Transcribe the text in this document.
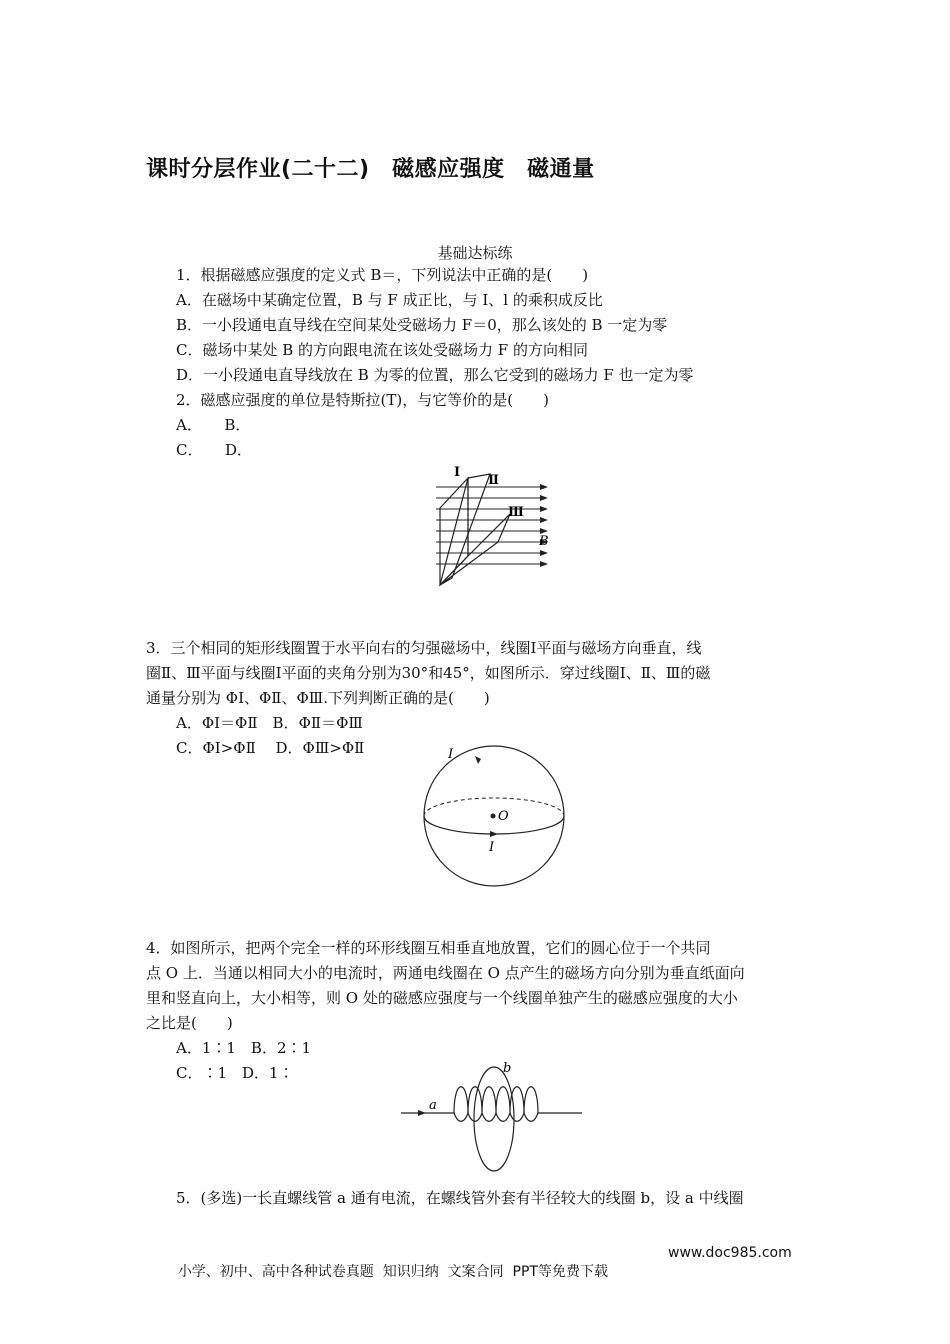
课时分层作业(二十二)　磁感应强度　磁通量
基础达标练
1．根据磁感应强度的定义式 B＝，下列说法中正确的是(　　)
A．在磁场中某确定位置，B 与 F 成正比，与 I、l 的乘积成反比
B．一小段通电直导线在空间某处受磁场力 F＝0，那么该处的 B 一定为零
C．磁场中某处 B 的方向跟电流在该处受磁场力 F 的方向相同
D．一小段通电直导线放在 B 为零的位置，那么它受到的磁场力 F 也一定为零
2．磁感应强度的单位是特斯拉(T)，与它等价的是(　　)
A．　　B．
C．　　D．
Ⅰ
Ⅱ
Ⅲ
B
3．三个相同的矩形线圈置于水平向右的匀强磁场中，线圈Ⅰ平面与磁场方向垂直，线
圈Ⅱ、Ⅲ平面与线圈Ⅰ平面的夹角分别为30°和45°，如图所示．穿过线圈Ⅰ、Ⅱ、Ⅲ的磁
通量分别为 ΦⅠ、ΦⅡ、ΦⅢ.下列判断正确的是(　　)
A．ΦⅠ＝ΦⅡ　B．ΦⅡ＝ΦⅢ
C．ΦⅠ>ΦⅡ　 D．ΦⅢ>ΦⅡ	I
I
O
4．如图所示，把两个完全一样的环形线圈互相垂直地放置，它们的圆心位于一个共同
点 O 上．当通以相同大小的电流时，两通电线圈在 O 点产生的磁场方向分别为垂直纸面向
里和竖直向上，大小相等，则 O 处的磁感应强度与一个线圈单独产生的磁感应强度的大小
之比是(　　)
A．1∶1　B．2∶1
C．∶1　D．1∶
a
b
5．(多选)一长直螺线管 a 通有电流，在螺线管外套有半径较大的线圈 b，设 a 中线圈

小学、初中、高中各种试卷真题  知识归纳  文案合同  PPT等免费下载

www.doc985.com
